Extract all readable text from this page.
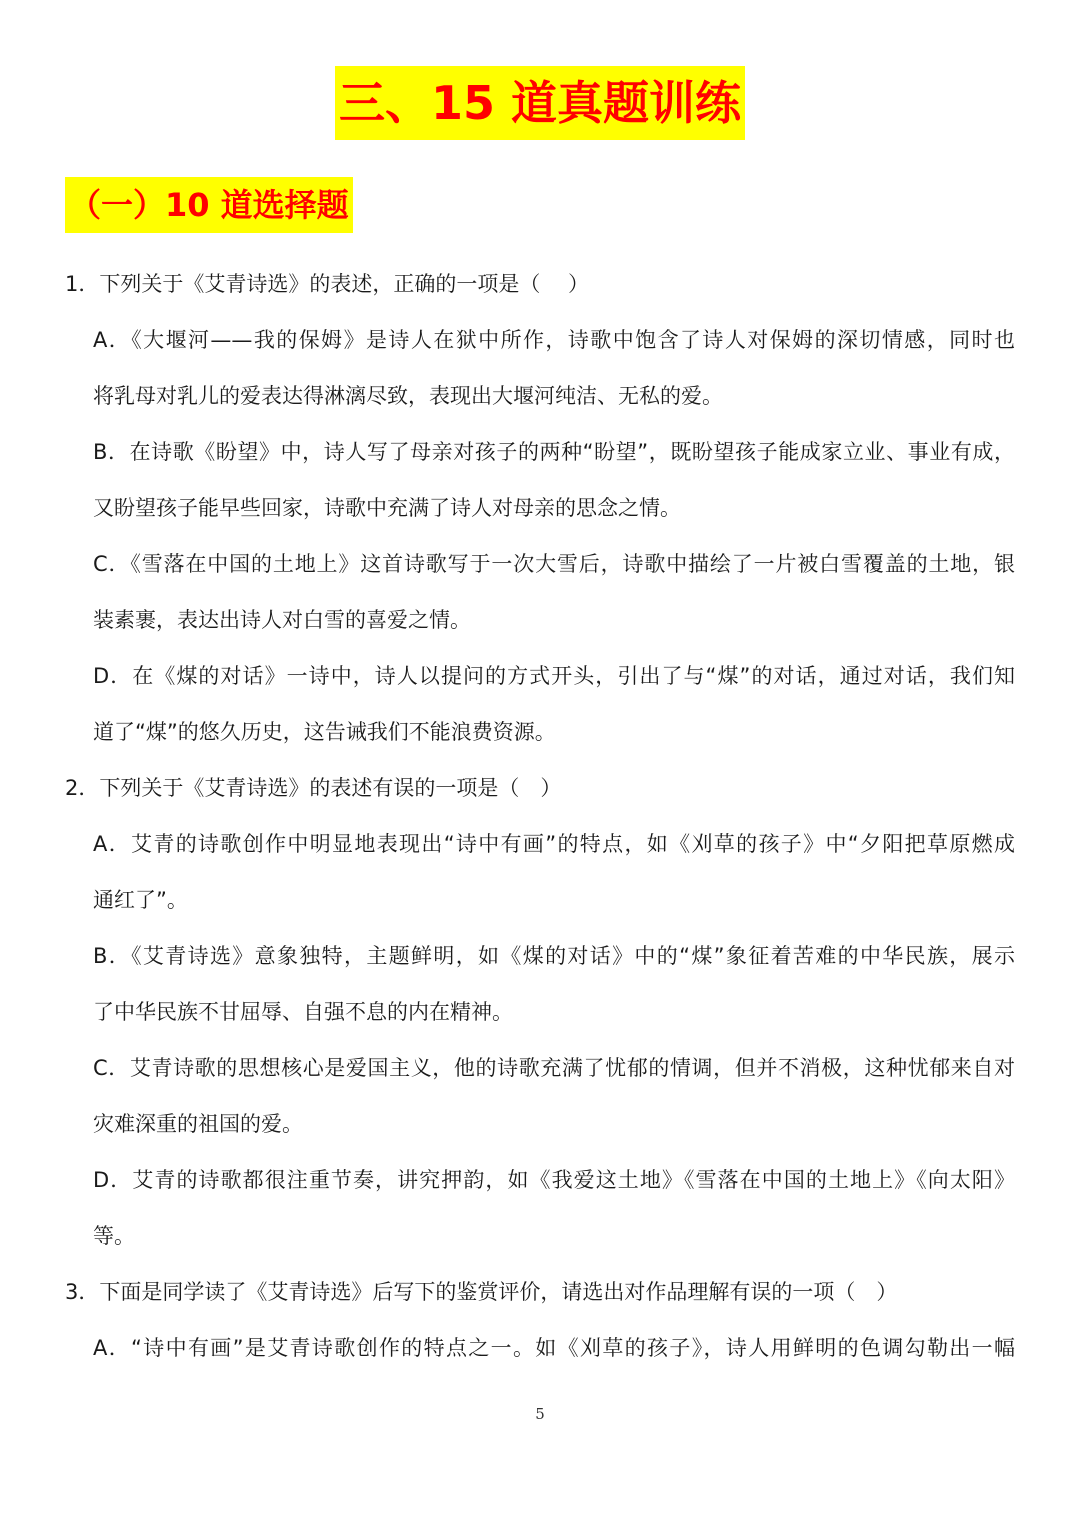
三、15 道真题训练
（一）10 道选择题
1．下列关于《艾青诗选》的表述，正确的一项是（　 ）
A．《大堰河——我的保姆》是诗人在狱中所作，诗歌中饱含了诗人对保姆的深切情感，同时也
将乳母对乳儿的爱表达得淋漓尽致，表现出大堰河纯洁、无私的爱。
B．在诗歌《盼望》中，诗人写了母亲对孩子的两种“盼望”，既盼望孩子能成家立业、事业有成，
又盼望孩子能早些回家，诗歌中充满了诗人对母亲的思念之情。
C．《雪落在中国的土地上》这首诗歌写于一次大雪后，诗歌中描绘了一片被白雪覆盖的土地，银
装素裹，表达出诗人对白雪的喜爱之情。
D．在《煤的对话》一诗中，诗人以提问的方式开头，引出了与“煤”的对话，通过对话，我们知
道了“煤”的悠久历史，这告诫我们不能浪费资源。
2．下列关于《艾青诗选》的表述有误的一项是（　）
A．艾青的诗歌创作中明显地表现出“诗中有画”的特点，如《刈草的孩子》中“夕阳把草原燃成
通红了”。
B．《艾青诗选》意象独特，主题鲜明，如《煤的对话》中的“煤”象征着苦难的中华民族，展示
了中华民族不甘屈辱、自强不息的内在精神。
C．艾青诗歌的思想核心是爱国主义，他的诗歌充满了忧郁的情调，但并不消极，这种忧郁来自对
灾难深重的祖国的爱。
D．艾青的诗歌都很注重节奏，讲究押韵，如《我爱这土地》《雪落在中国的土地上》《向太阳》
等。
3．下面是同学读了《艾青诗选》后写下的鉴赏评价，请选出对作品理解有误的一项（　）
A．“诗中有画”是艾青诗歌创作的特点之一。如《刈草的孩子》，诗人用鲜明的色调勾勒出一幅
5
